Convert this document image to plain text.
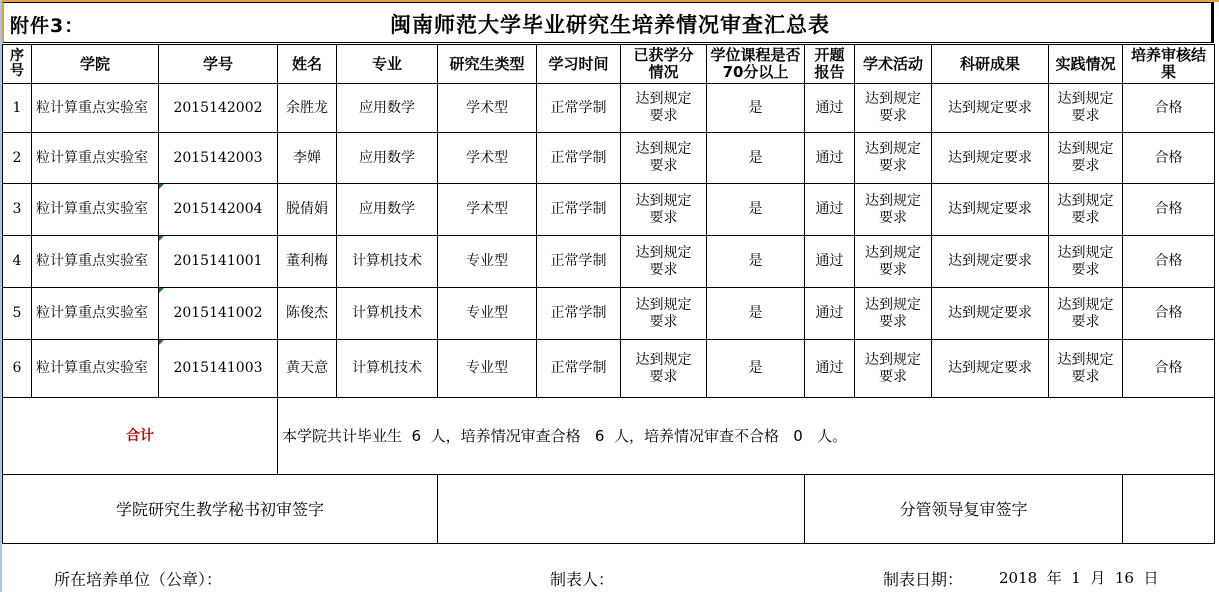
附件3：	闽南师范大学毕业研究生培养情况审查汇总表
序号	学院	学号	姓名	专业	研究生类型	学习时间	已获学分情况	学位课程是否70分以上	开题报告	学术活动	科研成果	实践情况	培养审核结果
1	粒计算重点实验室	2015142002	余胜龙	应用数学	学术型	正常学制	达到规定要求	是	通过	达到规定要求	达到规定要求	达到规定要求	合格
2	粒计算重点实验室	2015142003	李婵	应用数学	学术型	正常学制	达到规定要求	是	通过	达到规定要求	达到规定要求	达到规定要求	合格
3	粒计算重点实验室	2015142004	脱倩娟	应用数学	学术型	正常学制	达到规定要求	是	通过	达到规定要求	达到规定要求	达到规定要求	合格
4	粒计算重点实验室	2015141001	董利梅	计算机技术	专业型	正常学制	达到规定要求	是	通过	达到规定要求	达到规定要求	达到规定要求	合格
5	粒计算重点实验室	2015141002	陈俊杰	计算机技术	专业型	正常学制	达到规定要求	是	通过	达到规定要求	达到规定要求	达到规定要求	合格
6	粒计算重点实验室	2015141003	黄天意	计算机技术	专业型	正常学制	达到规定要求	是	通过	达到规定要求	达到规定要求	达到规定要求	合格
合计			本学院共计毕业生  6  人，培养情况审查合格   6  人，培养情况审查不合格   0   人。										
学院研究生教学秘书初审签字									分管领导复审签字				
所在培养单位（公章）：	制表人：	制表日期： 2018  年  1  月  16  日
